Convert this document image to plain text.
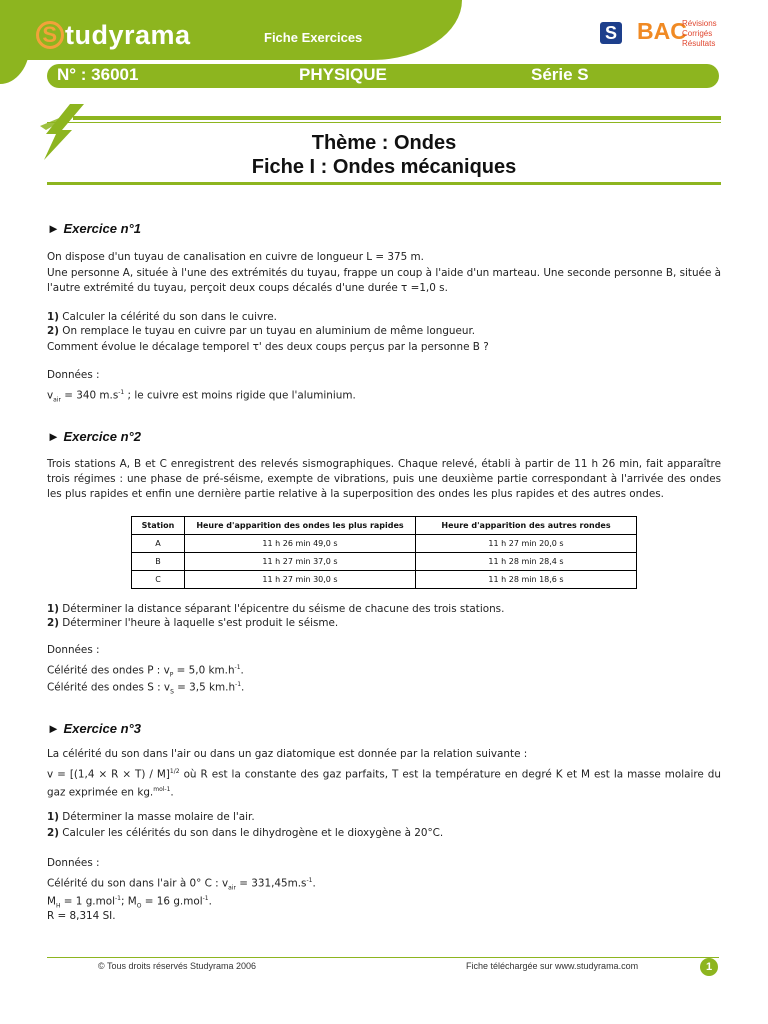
S tudyrama	Fiche Exercices	S BAC
Révisions
Corrigés
Résultats
N° : 36001	PHYSIQUE	Série S
Thème : Ondes
Fiche I : Ondes mécaniques
► Exercice n°1
On dispose d'un tuyau de canalisation en cuivre de longueur L = 375 m.
Une personne A, située à l'une des extrémités du tuyau, frappe un coup à l'aide d'un marteau. Une seconde personne B, située à l'autre extrémité du tuyau, perçoit deux coups décalés d'une durée τ =1,0 s.
1) Calculer la célérité du son dans le cuivre.
2) On remplace le tuyau en cuivre par un tuyau en aluminium de même longueur.
Comment évolue le décalage temporel τ' des deux coups perçus par la personne B ?
Données :
$v_{air} = 340$ $m.s^{-1}$ ; le cuivre est moins rigide que l'aluminium.
► Exercice n°2
Trois stations A, B et C enregistrent des relevés sismographiques. Chaque relevé, établi à partir de 11 h 26 min, fait apparaître trois régimes : une phase de pré-séisme, exempte de vibrations, puis une deuxième partie correspondant à l'arrivée des ondes les plus rapides et enfin une dernière partie relative à la superposition des ondes les plus rapides et des autres ondes.
Station	Heure d'apparition des ondes les plus rapides	Heure d'apparition des autres rondes
A	11 h 26 min 49,0 s	11 h 27 min 20,0 s
B	11 h 27 min 37,0 s	11 h 28 min 28,4 s
C	11 h 27 min 30,0 s	11 h 28 min 18,6 s
1) Déterminer la distance séparant l'épicentre du séisme de chacune des trois stations.
2) Déterminer l'heure à laquelle s'est produit le séisme.
Données :
Célérité des ondes P : $v_P = 5,0$ $km.h^{-1}$.
Célérité des ondes S : $v_S = 3,5$ $km.h^{-1}$.
► Exercice n°3
La célérité du son dans l'air ou dans un gaz diatomique est donnée par la relation suivante :
$v = [(1,4 \times R \times T) / M]^{1/2}$ où R est la constante des gaz parfaits, T est la température en degré K et M est la masse molaire du gaz exprimée en kg.$^{mol-1}$.
1) Déterminer la masse molaire de l'air.
2) Calculer les célérités du son dans le dihydrogène et le dioxygène à 20°C.
Données :
Célérité du son dans l'air à 0° C : $v_{air} = 331,45m.s^{-1}$.
$M_H = 1$ g.mol$^{-1}$; $M_O = 16$ g.mol$^{-1}$.
R = 8,314 SI.
© Tous droits réservés Studyrama 2006	Fiche téléchargée sur www.studyrama.com	1
